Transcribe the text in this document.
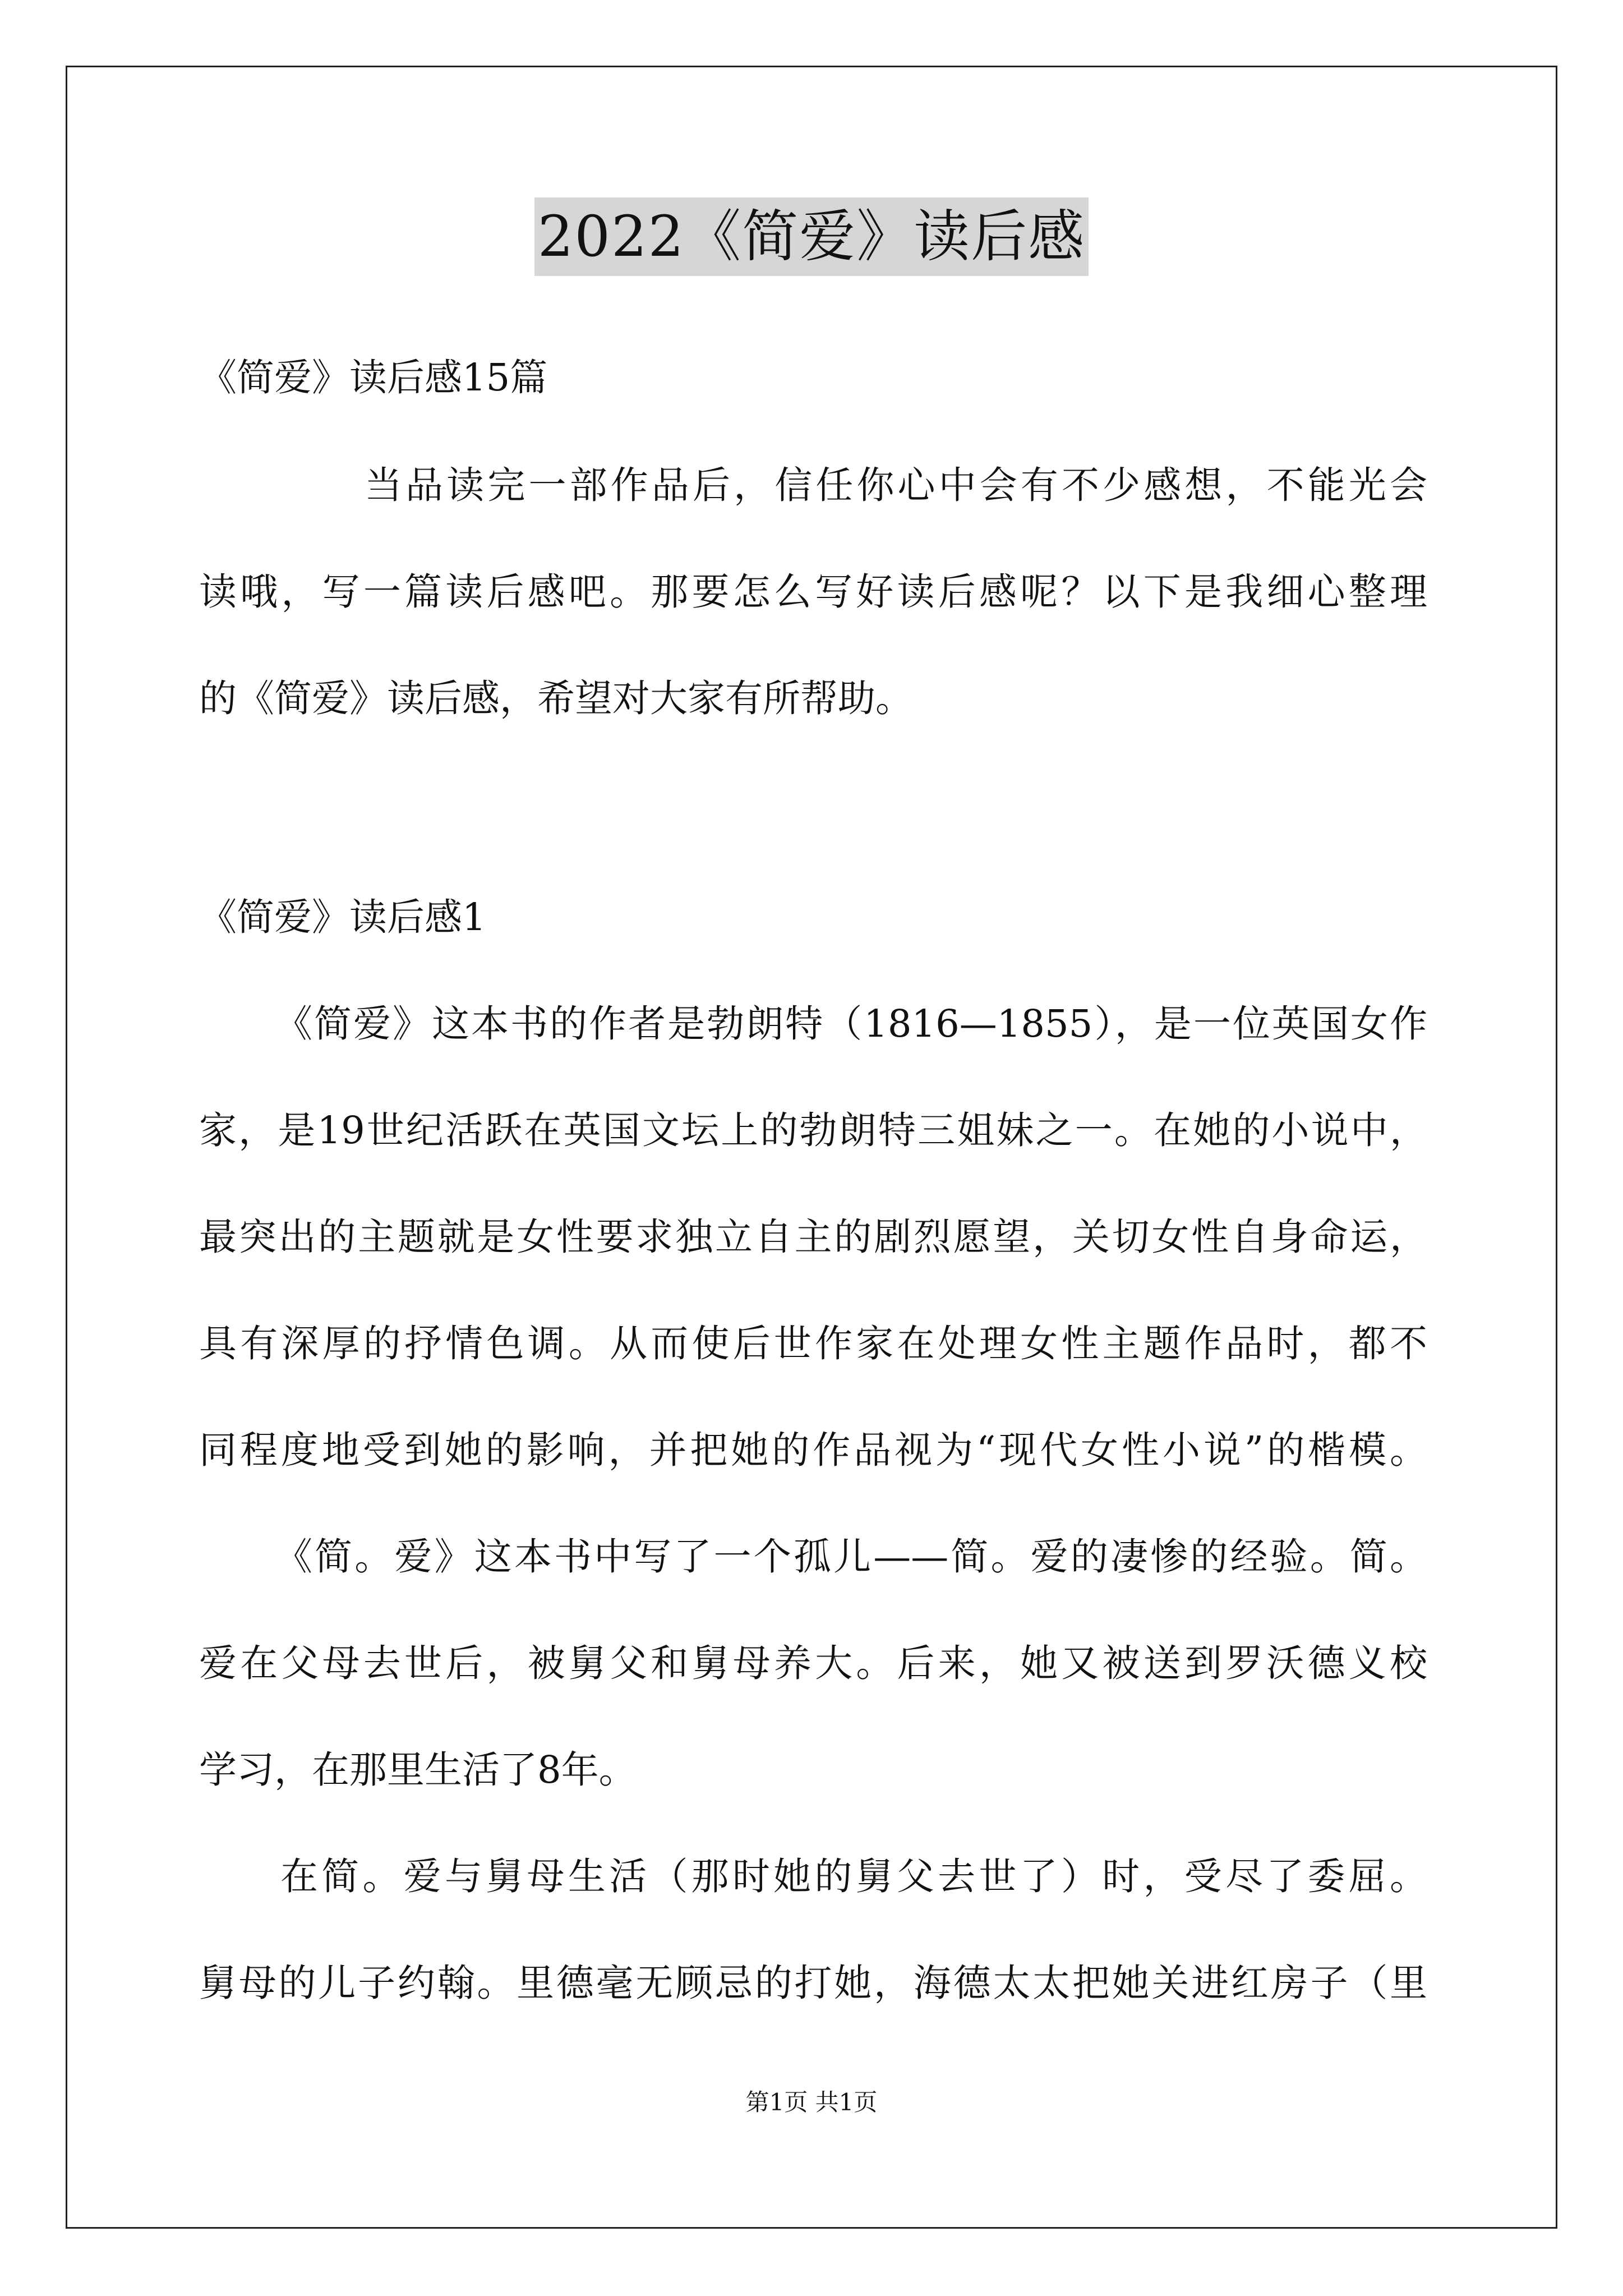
2022《简爱》读后感
《简爱》读后感15篇
当品读完一部作品后，信任你心中会有不少感想，不能光会
读哦，写一篇读后感吧。那要怎么写好读后感呢？以下是我细心整理
的《简爱》读后感，希望对大家有所帮助。
《简爱》读后感1
《简爱》这本书的作者是勃朗特（1816—1855），是一位英国女作
家，是19世纪活跃在英国文坛上的勃朗特三姐妹之一。在她的小说中，
最突出的主题就是女性要求独立自主的剧烈愿望，关切女性自身命运，
具有深厚的抒情色调。从而使后世作家在处理女性主题作品时，都不
同程度地受到她的影响，并把她的作品视为“现代女性小说”的楷模。
《简。爱》这本书中写了一个孤儿——简。爱的凄惨的经验。简。
爱在父母去世后，被舅父和舅母养大。后来，她又被送到罗沃德义校
学习，在那里生活了8年。
在简。爱与舅母生活（那时她的舅父去世了）时，受尽了委屈。
舅母的儿子约翰。里德毫无顾忌的打她，海德太太把她关进红房子（里
第1页 共1页
